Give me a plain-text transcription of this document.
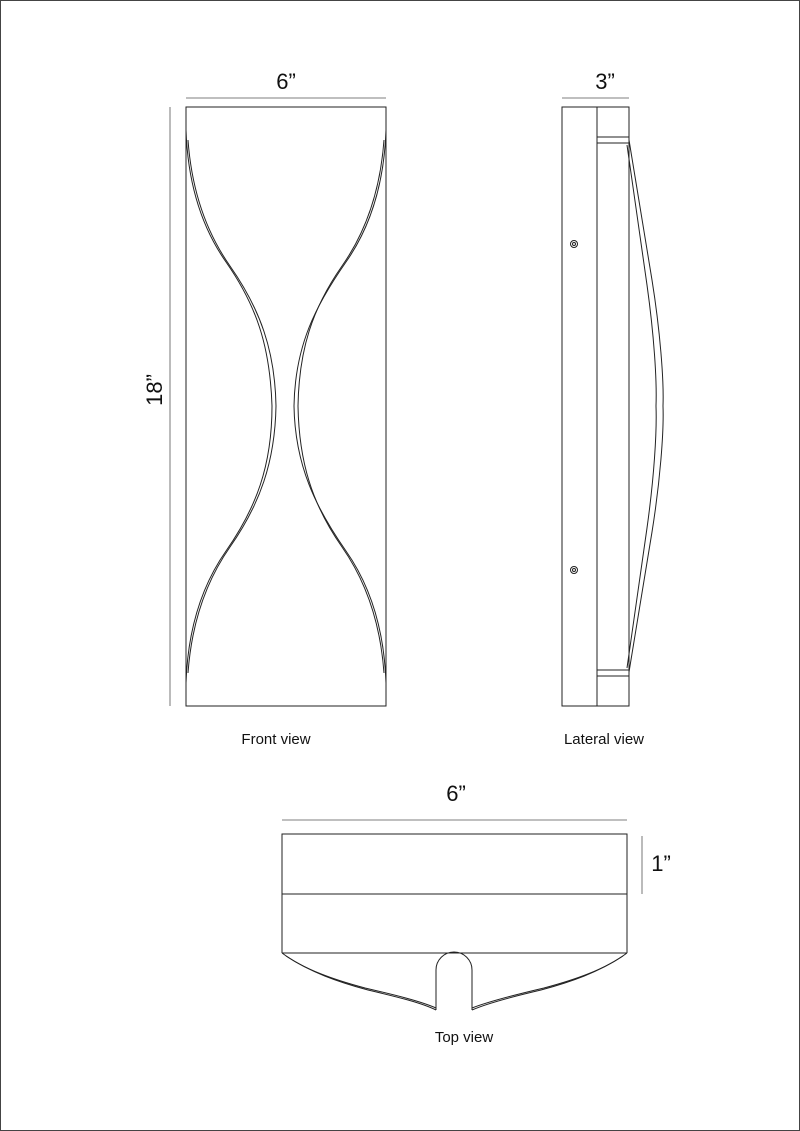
6”
18”
Front view
3”
Lateral view
6”
1”
Top view
